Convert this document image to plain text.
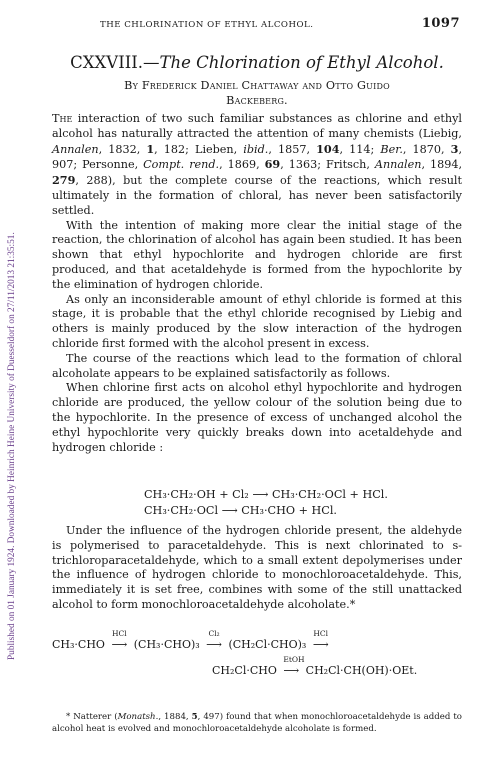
Published on 01 January 1924. Downloaded by Heinrich Heine University of Duesseldorf on 27/11/2013 21:35:51.
THE CHLORINATION OF ETHYL ALCOHOL.	1097
CXXVIII.—The Chlorination of Ethyl Alcohol.
By Frederick Daniel Chattaway and Otto Guido
Backeberg.

The interaction of two such familiar substances as chlorine and ethyl alcohol has naturally attracted the attention of many chemists (Liebig, Annalen, 1832, 1, 182; Lieben, ibid., 1857, 104, 114; Ber., 1870, 3, 907; Personne, Compt. rend., 1869, 69, 1363; Fritsch, Annalen, 1894, 279, 288), but the complete course of the reactions, which result ultimately in the formation of chloral, has never been satisfactorily settled.

With the intention of making more clear the initial stage of the reaction, the chlorination of alcohol has again been studied. It has been shown that ethyl hypochlorite and hydrogen chloride are first produced, and that acetaldehyde is formed from the hypochlorite by the elimination of hydrogen chloride.

As only an inconsiderable amount of ethyl chloride is formed at this stage, it is probable that the ethyl chloride recognised by Liebig and others is mainly produced by the slow interaction of the hydrogen chloride first formed with the alcohol present in excess.

The course of the reactions which lead to the formation of chloral alcoholate appears to be explained satisfactorily as follows.

When chlorine first acts on alcohol ethyl hypochlorite and hydrogen chloride are produced, the yellow colour of the solution being due to the hypochlorite. In the presence of excess of unchanged alcohol the ethyl hypochlorite very quickly breaks down into acetaldehyde and hydrogen chloride :

CH₃·CH₂·OH + Cl₂ ⟶ CH₃·CH₂·OCl + HCl.
CH₃·CH₂·OCl ⟶ CH₃·CHO + HCl.

Under the influence of the hydrogen chloride present, the aldehyde is polymerised to paracetaldehyde. This is next chlorinated to s-trichloroparacetaldehyde, which to a small extent depolymerises under the influence of hydrogen chloride to monochloroacetaldehyde. This, immediately it is set free, combines with some of the still unattacked alcohol to form monochloroacetaldehyde alcoholate.*

CH₃·CHO
HCl
⟶ (CH₃·CHO)₃
Cl₂
⟶ (CH₂Cl·CHO)₃
HCl
⟶
CH₂Cl·CHO
EtOH
⟶ CH₂Cl·CH(OH)·OEt.

* Natterer (Monatsh., 1884, 5, 497) found that when monochloroacetaldehyde is added to alcohol heat is evolved and monochloroacetaldehyde alcoholate is formed.
